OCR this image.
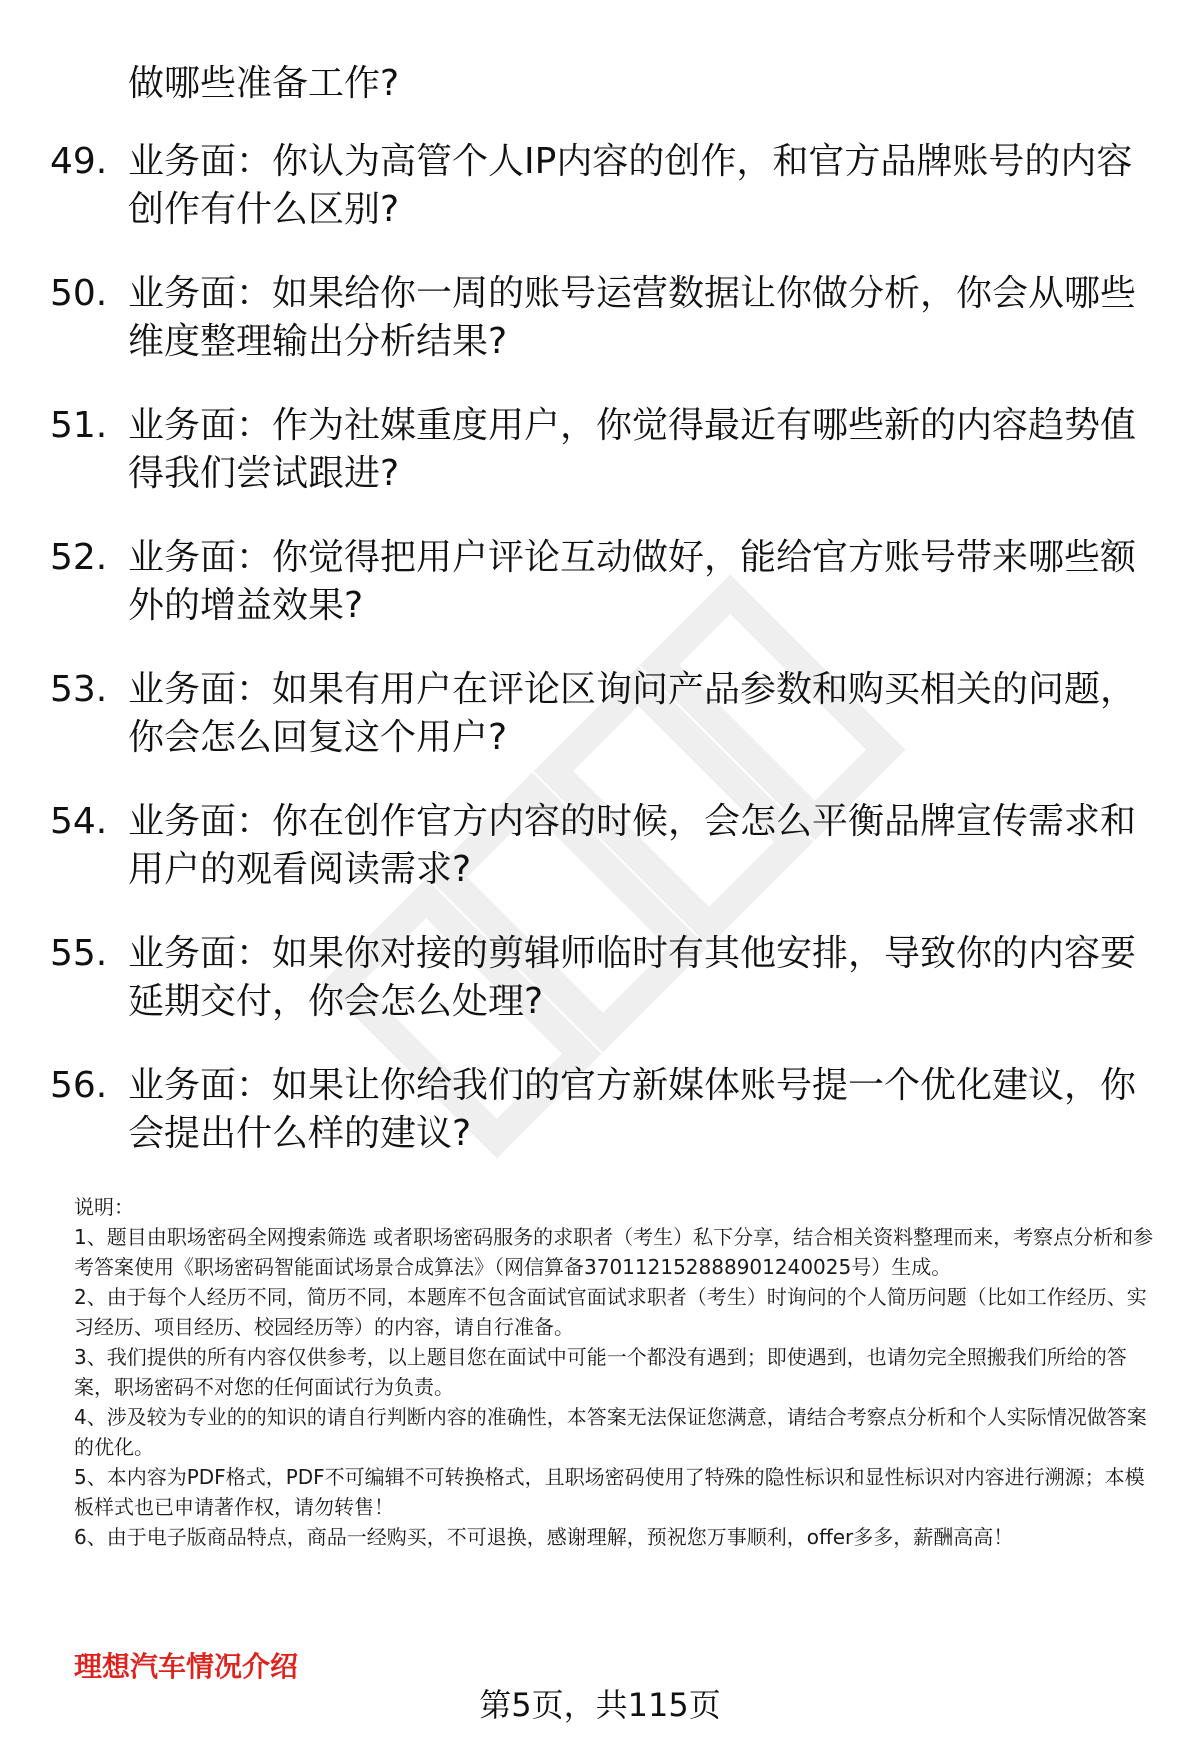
做哪些准备工作?
49. 业务面：你认为高管个人IP内容的创作，和官方品牌账号的内容创作有什么区别?
50. 业务面：如果给你一周的账号运营数据让你做分析，你会从哪些维度整理输出分析结果?
51. 业务面：作为社媒重度用户，你觉得最近有哪些新的内容趋势值得我们尝试跟进?
52. 业务面：你觉得把用户评论互动做好，能给官方账号带来哪些额外的增益效果?
53. 业务面：如果有用户在评论区询问产品参数和购买相关的问题，你会怎么回复这个用户?
54. 业务面：你在创作官方内容的时候，会怎么平衡品牌宣传需求和用户的观看阅读需求?
55. 业务面：如果你对接的剪辑师临时有其他安排，导致你的内容要延期交付，你会怎么处理?
56. 业务面：如果让你给我们的官方新媒体账号提一个优化建议，你会提出什么样的建议?

说明：

1、题目由职场密码全网搜索筛选 或者职场密码服务的求职者（考生）私下分享，结合相关资料整理而来，考察点分析和参考答案使用《职场密码智能面试场景合成算法》（网信算备370112152888901240025号）生成。

2、由于每个人经历不同，简历不同，本题库不包含面试官面试求职者（考生）时询问的个人简历问题（比如工作经历、实习经历、项目经历、校园经历等）的内容，请自行准备。

3、我们提供的所有内容仅供参考，以上题目您在面试中可能一个都没有遇到；即使遇到，也请勿完全照搬我们所给的答案，职场密码不对您的任何面试行为负责。

4、涉及较为专业的的知识的请自行判断内容的准确性，本答案无法保证您满意，请结合考察点分析和个人实际情况做答案的优化。

5、本内容为PDF格式，PDF不可编辑不可转换格式，且职场密码使用了特殊的隐性标识和显性标识对内容进行溯源；本模板样式也已申请著作权，请勿转售！

6、由于电子版商品特点，商品一经购买，不可退换，感谢理解，预祝您万事顺利，offer多多，薪酬高高！

理想汽车情况介绍
第5页，共115页
